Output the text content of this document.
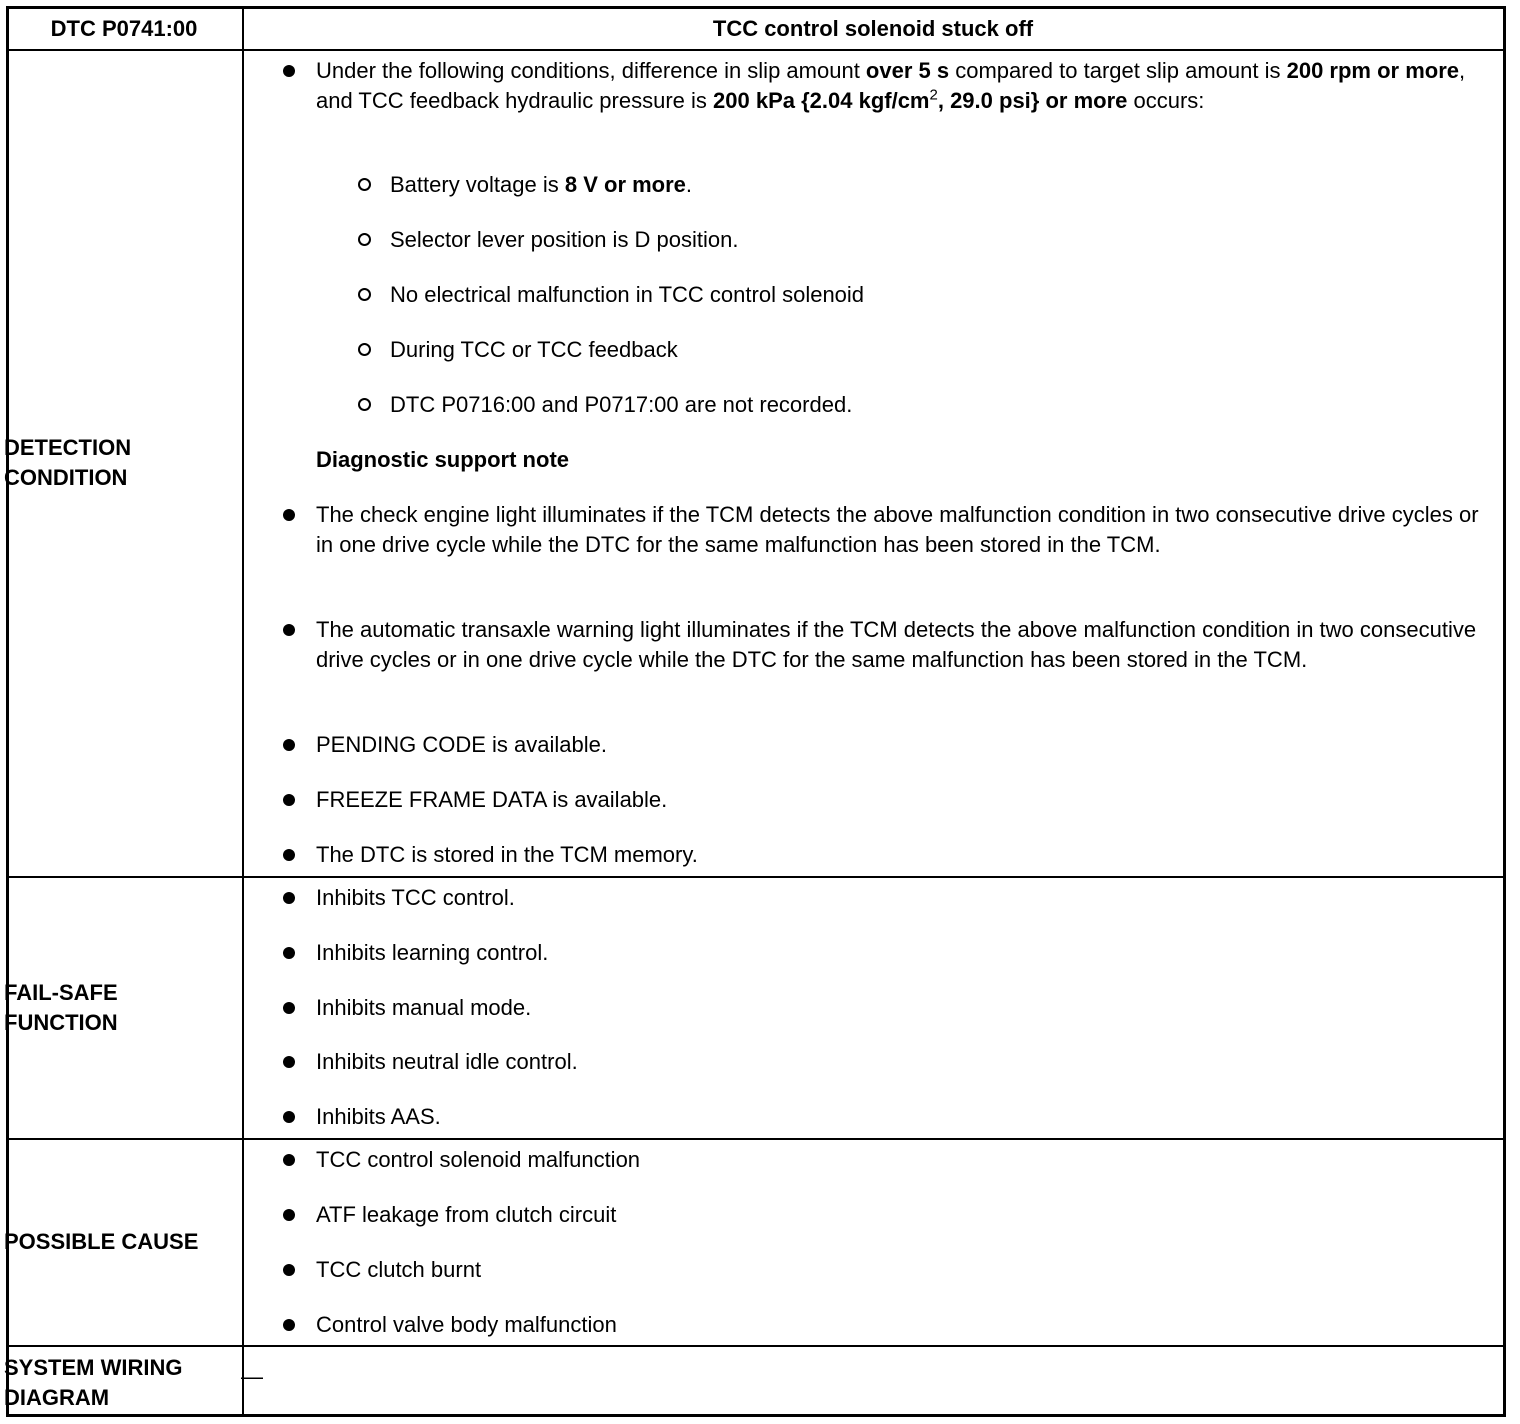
DTC P0741:00	TCC control solenoid stuck off
DETECTION CONDITION
FAIL-SAFE FUNCTION
POSSIBLE CAUSE
SYSTEM WIRING DIAGRAM
Under the following conditions, difference in slip amount over 5 s compared to target slip amount is 200 rpm or more, and TCC feedback hydraulic pressure is 200 kPa {2.04 kgf/$cm^2$, 29.0 psi} or more occurs:
Battery voltage is 8 V or more.
Selector lever position is D position.
No electrical malfunction in TCC control solenoid
During TCC or TCC feedback
DTC P0716:00 and P0717:00 are not recorded.
Diagnostic support note
The check engine light illuminates if the TCM detects the above malfunction condition in two consecutive drive cycles or in one drive cycle while the DTC for the same malfunction has been stored in the TCM.
The automatic transaxle warning light illuminates if the TCM detects the above malfunction condition in two consecutive drive cycles or in one drive cycle while the DTC for the same malfunction has been stored in the TCM.
PENDING CODE is available.
FREEZE FRAME DATA is available.
The DTC is stored in the TCM memory.
Inhibits TCC control.
Inhibits learning control.
Inhibits manual mode.
Inhibits neutral idle control.
Inhibits AAS.
TCC control solenoid malfunction
ATF leakage from clutch circuit
TCC clutch burnt
Control valve body malfunction
—
